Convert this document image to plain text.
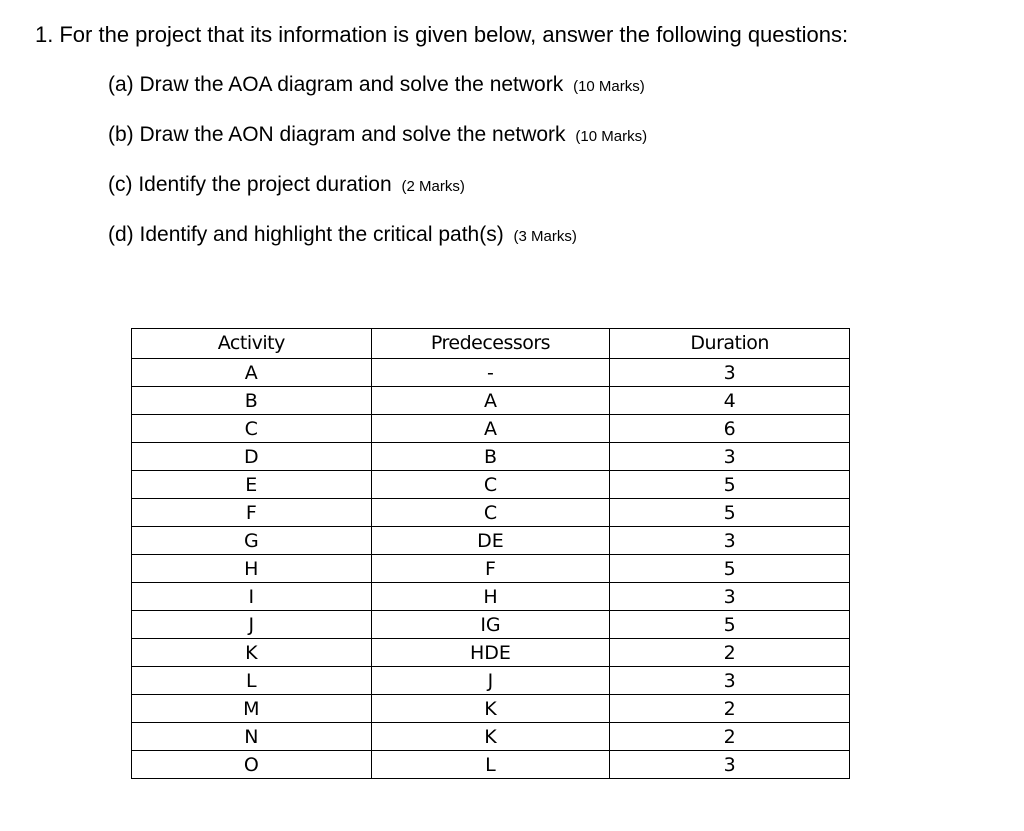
1. For the project that its information is given below, answer the following questions:
(a) Draw the AOA diagram and solve the network (10 Marks)
(b) Draw the AON diagram and solve the network (10 Marks)
(c) Identify the project duration (2 Marks)
(d) Identify and highlight the critical path(s) (3 Marks)
Activity	Predecessors	Duration
A	-	3
B	A	4
C	A	6
D	B	3
E	C	5
F	C	5
G	DE	3
H	F	5
I	H	3
J	IG	5
K	HDE	2
L	J	3
M	K	2
N	K	2
O	L	3
